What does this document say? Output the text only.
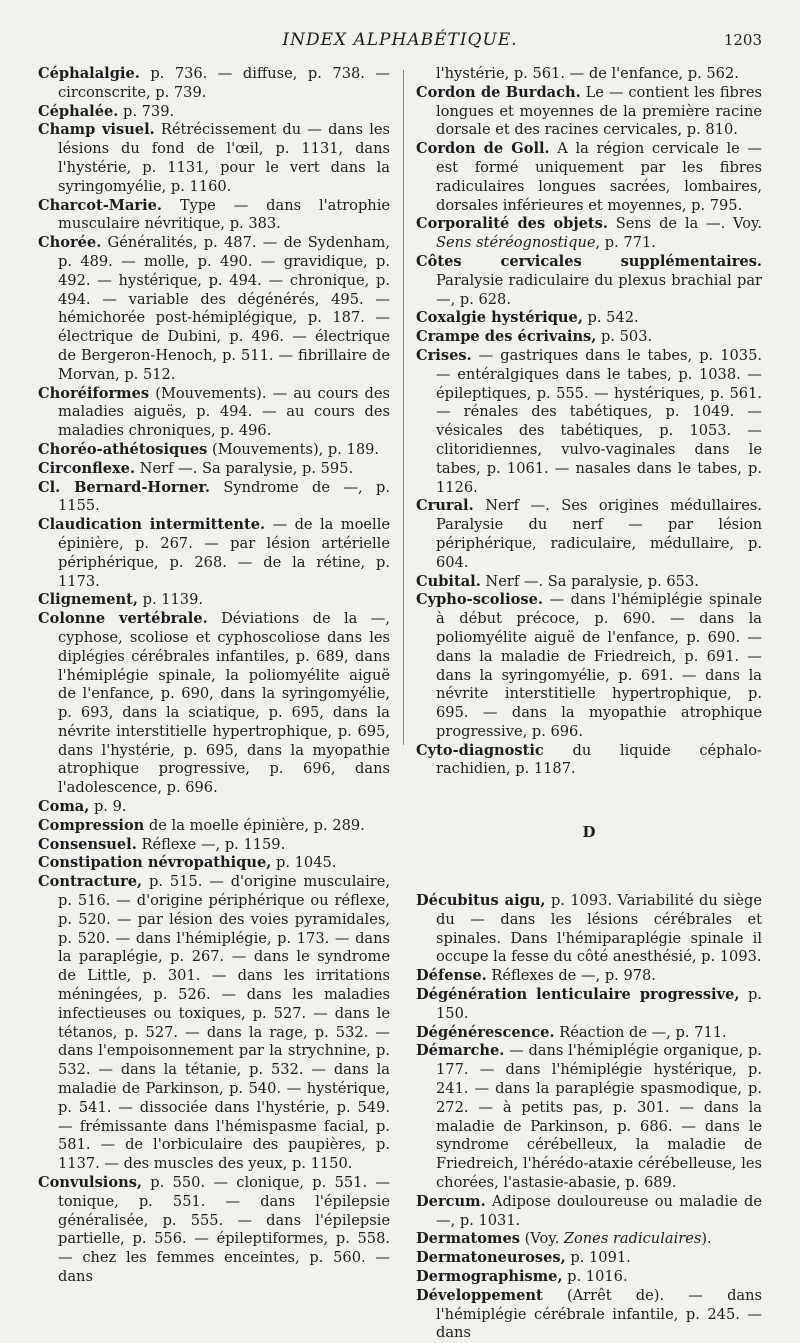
INDEX ALPHABÉTIQUE.	1203
Céphalalgie. p. 736. — diffuse, p. 738. — circonscrite, p. 739.
Céphalée. p. 739.
Champ visuel. Rétrécissement du — dans les lésions du fond de l'œil, p. 1131, dans l'hystérie, p. 1131, pour le vert dans la syringomyélie, p. 1160.
Charcot-Marie. Type — dans l'atrophie musculaire névritique, p. 383.
Chorée. Généralités, p. 487. — de Sydenham, p. 489. — molle, p. 490. — gravidique, p. 492. — hystérique, p. 494. — chronique, p. 494. — variable des dégénérés, 495. — hémichorée post-hémiplégique, p. 187. — électrique de Dubini, p. 496. — électrique de Bergeron-Henoch, p. 511. — fibrillaire de Morvan, p. 512.
Choréiformes (Mouvements). — au cours des maladies aiguës, p. 494. — au cours des maladies chroniques, p. 496.
Choréo-athétosiques (Mouvements), p. 189.
Circonflexe. Nerf —. Sa paralysie, p. 595.
Cl. Bernard-Horner. Syndrome de —, p. 1155.
Claudication intermittente. — de la moelle épinière, p. 267. — par lésion artérielle périphérique, p. 268. — de la rétine, p. 1173.
Clignement, p. 1139.
Colonne vertébrale. Déviations de la —, cyphose, scoliose et cyphoscoliose dans les diplégies cérébrales infantiles, p. 689, dans l'hémiplégie spinale, la poliomyélite aiguë de l'enfance, p. 690, dans la syringomyélie, p. 693, dans la sciatique, p. 695, dans la névrite interstitielle hypertrophique, p. 695, dans l'hystérie, p. 695, dans la myopathie atrophique progressive, p. 696, dans l'adolescence, p. 696.
Coma, p. 9.
Compression de la moelle épinière, p. 289.
Consensuel. Réflexe —, p. 1159.
Constipation névropathique, p. 1045.
Contracture, p. 515. — d'origine musculaire, p. 516. — d'origine périphérique ou réflexe, p. 520. — par lésion des voies pyramidales, p. 520. — dans l'hémiplégie, p. 173. — dans la paraplégie, p. 267. — dans le syndrome de Little, p. 301. — dans les irritations méningées, p. 526. — dans les maladies infectieuses ou toxiques, p. 527. — dans le tétanos, p. 527. — dans la rage, p. 532. — dans l'empoisonnement par la strychnine, p. 532. — dans la tétanie, p. 532. — dans la maladie de Parkinson, p. 540. — hystérique, p. 541. — dissociée dans l'hystérie, p. 549. — frémissante dans l'hémispasme facial, p. 581. — de l'orbiculaire des paupières, p. 1137. — des muscles des yeux, p. 1150.
Convulsions, p. 550. — clonique, p. 551. — tonique, p. 551. — dans l'épilepsie généralisée, p. 555. — dans l'épilepsie partielle, p. 556. — épileptiformes, p. 558. — chez les femmes enceintes, p. 560. — dans
l'hystérie, p. 561. — de l'enfance, p. 562.
Cordon de Burdach. Le — contient les fibres longues et moyennes de la première racine dorsale et des racines cervicales, p. 810.
Cordon de Goll. A la région cervicale le — est formé uniquement par les fibres radiculaires longues sacrées, lombaires, dorsales inférieures et moyennes, p. 795.
Corporalité des objets. Sens de la —. Voy. Sens stéréognostique, p. 771.
Côtes cervicales supplémentaires. Paralysie radiculaire du plexus brachial par —, p. 628.
Coxalgie hystérique, p. 542.
Crampe des écrivains, p. 503.
Crises. — gastriques dans le tabes, p. 1035. — entéralgiques dans le tabes, p. 1038. — épileptiques, p. 555. — hystériques, p. 561. — rénales des tabétiques, p. 1049. — vésicales des tabétiques, p. 1053. — clitoridiennes, vulvo-vaginales dans le tabes, p. 1061. — nasales dans le tabes, p. 1126.
Crural. Nerf —. Ses origines médullaires. Paralysie du nerf — par lésion périphérique, radiculaire, médullaire, p. 604.
Cubital. Nerf —. Sa paralysie, p. 653.
Cypho-scoliose. — dans l'hémiplégie spinale à début précoce, p. 690. — dans la poliomyélite aiguë de l'enfance, p. 690. — dans la maladie de Friedreich, p. 691. — dans la syringomyélie, p. 691. — dans la névrite interstitielle hypertrophique, p. 695. — dans la myopathie atrophique progressive, p. 696.
Cyto-diagnostic du liquide céphalo-rachidien, p. 1187.
D
Décubitus aigu, p. 1093. Variabilité du siège du — dans les lésions cérébrales et spinales. Dans l'hémiparaplégie spinale il occupe la fesse du côté anesthésié, p. 1093.
Défense. Réflexes de —, p. 978.
Dégénération lenticulaire progressive, p. 150.
Dégénérescence. Réaction de —, p. 711.
Démarche. — dans l'hémiplégie organique, p. 177. — dans l'hémiplégie hystérique, p. 241. — dans la paraplégie spasmodique, p. 272. — à petits pas, p. 301. — dans la maladie de Parkinson, p. 686. — dans le syndrome cérébelleux, la maladie de Friedreich, l'hérédo-ataxie cérébelleuse, les chorées, l'astasie-abasie, p. 689.
Dercum. Adipose douloureuse ou maladie de —, p. 1031.
Dermatomes (Voy. Zones radiculaires).
Dermatoneuroses, p. 1091.
Dermographisme, p. 1016.
Développement (Arrêt de). — dans l'hémiplégie cérébrale infantile, p. 245. — dans
